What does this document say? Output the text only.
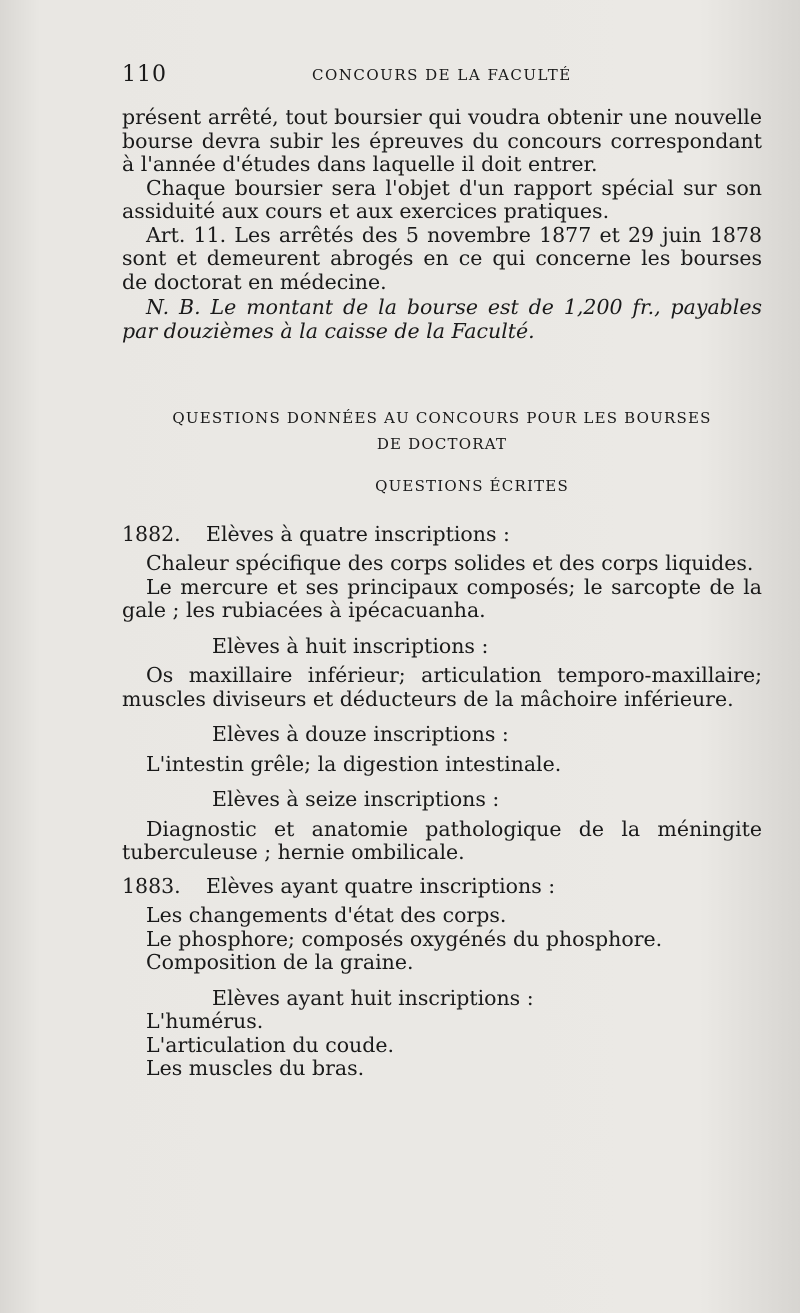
110	CONCOURS DE LA FACULTÉ

présent arrêté, tout boursier qui voudra obtenir une nouvelle bourse devra subir les épreuves du concours correspondant à l'année d'études dans laquelle il doit entrer.

Chaque boursier sera l'objet d'un rapport spécial sur son assiduité aux cours et aux exercices pratiques.

Art. 11. Les arrêtés des 5 novembre 1877 et 29 juin 1878 sont et demeurent abrogés en ce qui concerne les bourses de doctorat en médecine.

N. B. Le montant de la bourse est de 1,200 fr., payables par douzièmes à la caisse de la Faculté.

QUESTIONS DONNÉES AU CONCOURS POUR LES BOURSES
DE DOCTORAT

QUESTIONS ÉCRITES

1882. Elèves à quatre inscriptions :

Chaleur spécifique des corps solides et des corps liquides.

Le mercure et ses principaux composés; le sarcopte de la gale ; les rubiacées à ipécacuanha.

Elèves à huit inscriptions :

Os maxillaire inférieur; articulation temporo-maxillaire; muscles diviseurs et déducteurs de la mâchoire inférieure.

Elèves à douze inscriptions :

L'intestin grêle; la digestion intestinale.

Elèves à seize inscriptions :

Diagnostic et anatomie pathologique de la méningite tuberculeuse ; hernie ombilicale.

1883. Elèves ayant quatre inscriptions :

Les changements d'état des corps.

Le phosphore; composés oxygénés du phosphore.

Composition de la graine.

Elèves ayant huit inscriptions :

L'humérus.

L'articulation du coude.

Les muscles du bras.
